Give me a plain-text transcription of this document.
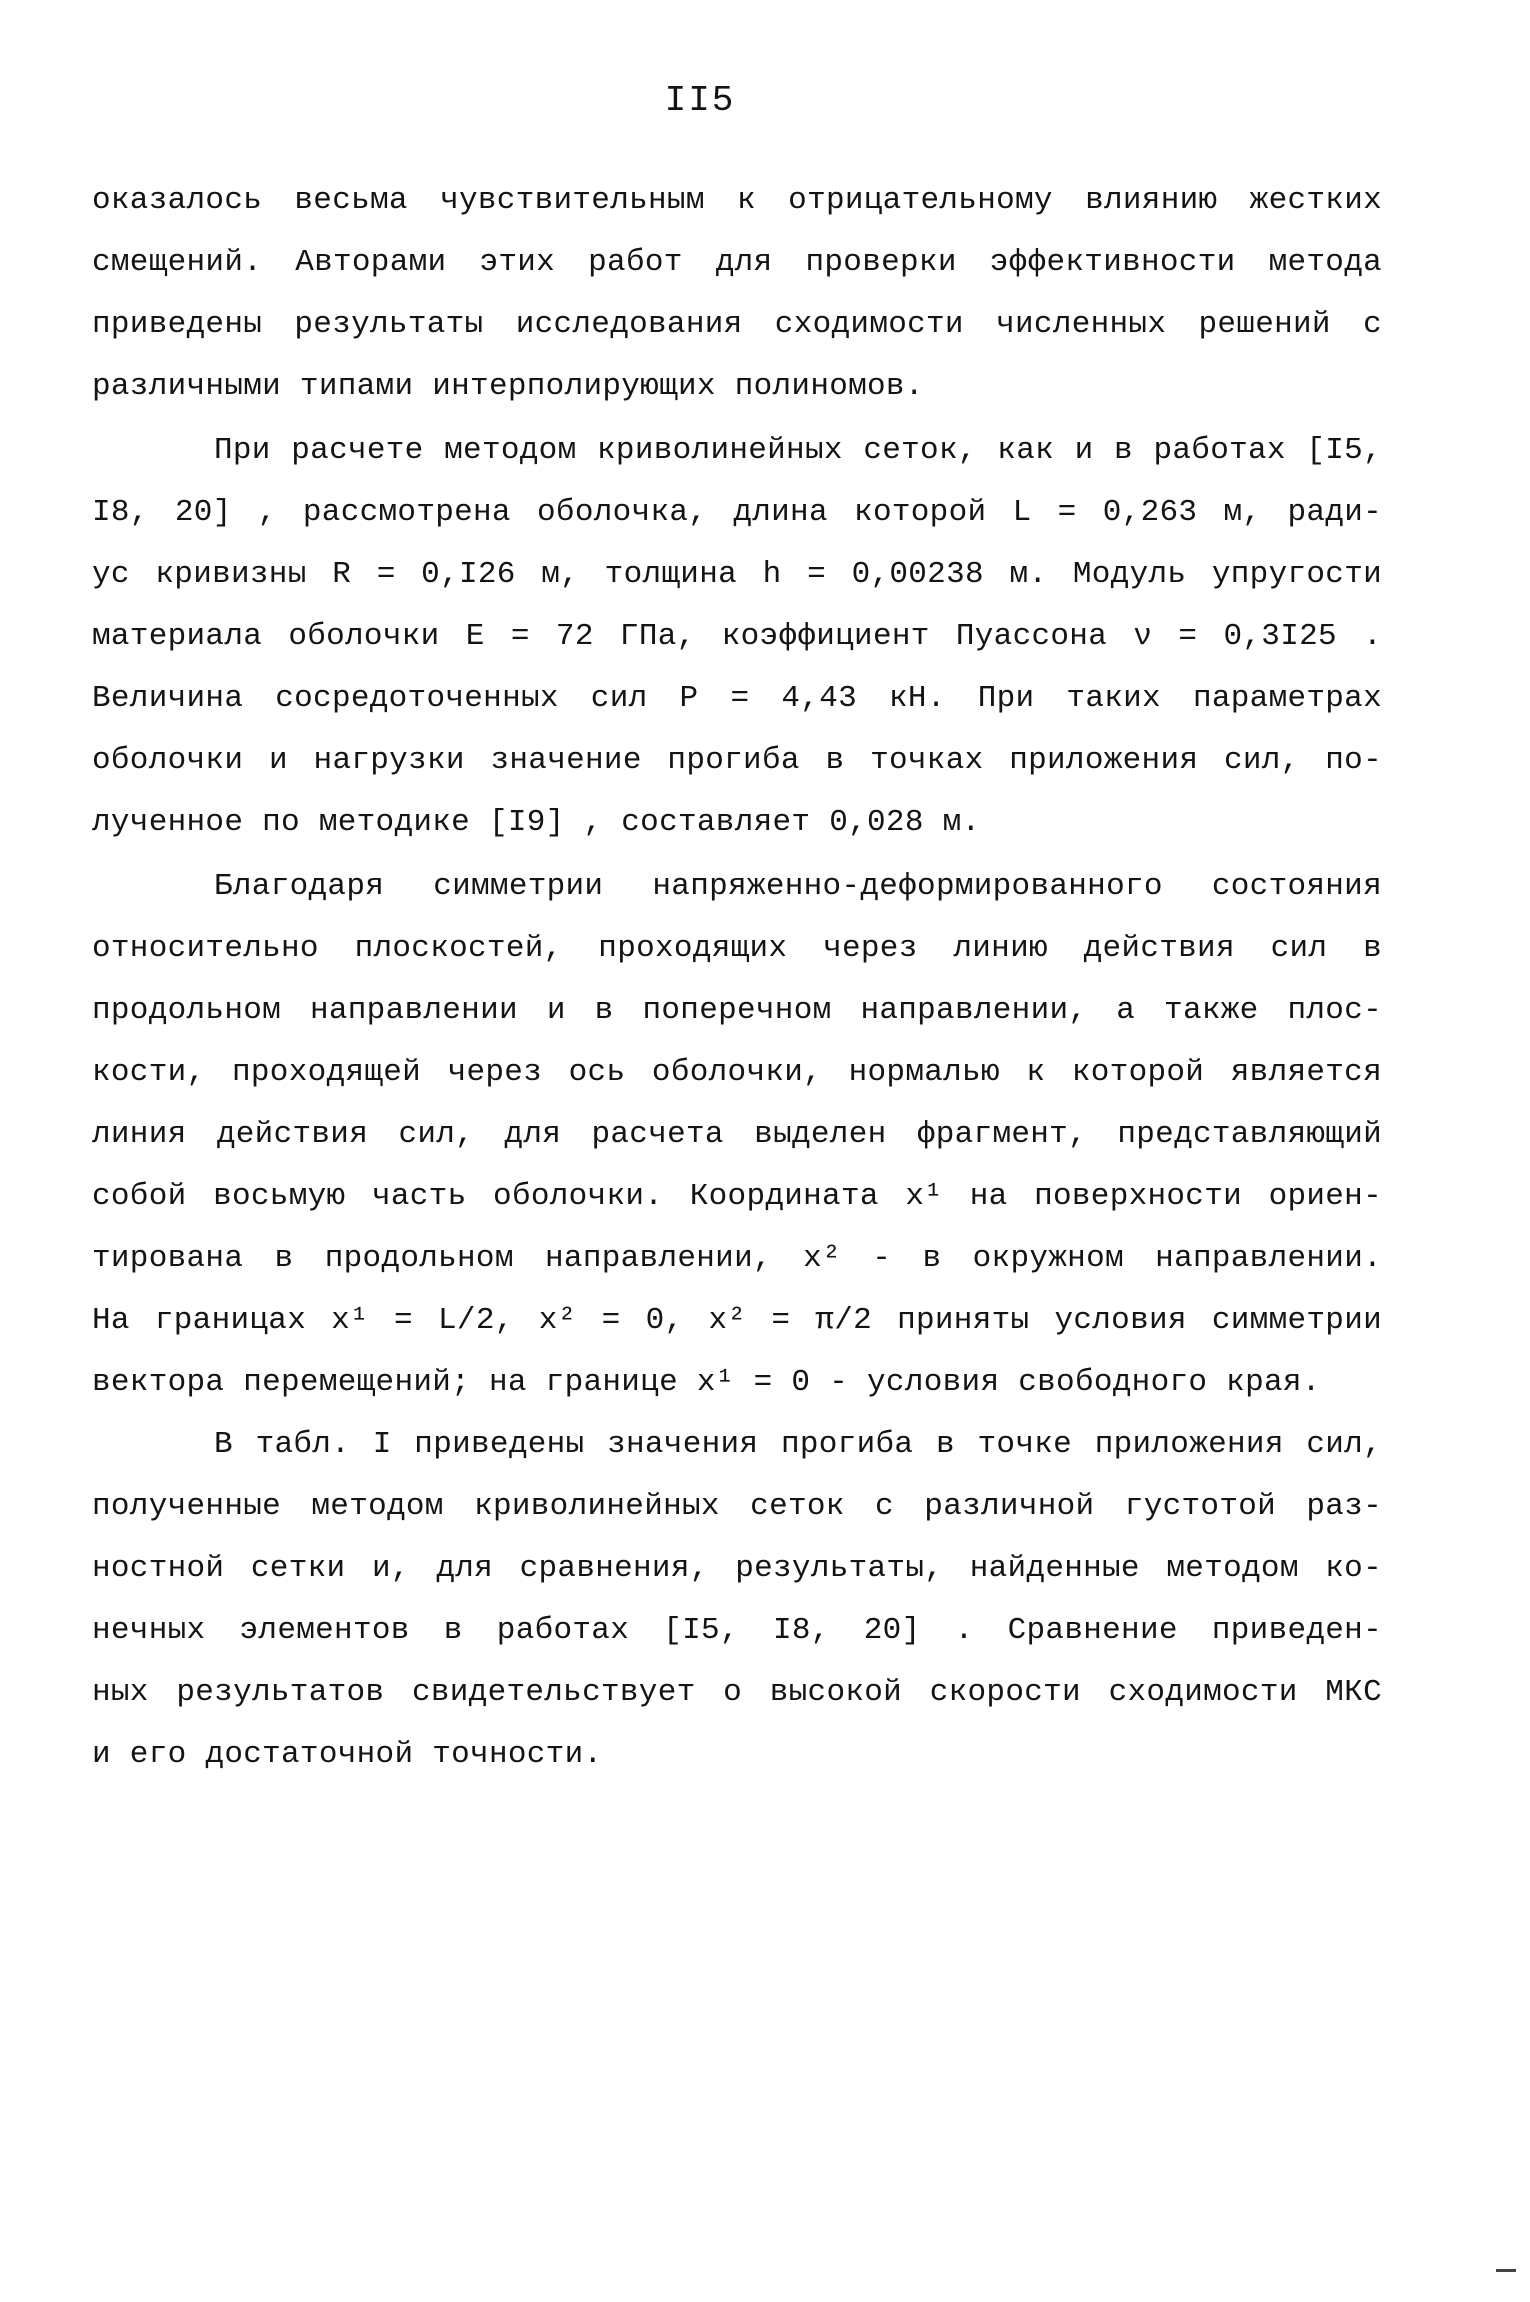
II5
оказалось весьма чувствительным к отрицательному влиянию жестких
смещений. Авторами этих работ для проверки эффективности метода
приведены результаты исследования сходимости численных решений с
различными типами интерполирующих полиномов.
При расчете методом криволинейных сеток, как и в работах [I5,
I8, 20] , рассмотрена оболочка, длина которой L = 0,263 м, ради-
ус кривизны R = 0,I26 м, толщина h = 0,00238 м. Модуль упругости
материала оболочки E = 72 ГПа, коэффициент Пуассона ν = 0,3I25 .
Величина сосредоточенных сил P = 4,43 кН. При таких параметрах
оболочки и нагрузки значение прогиба в точках приложения сил, по-
лученное по методике [I9] , составляет 0,028 м.
Благодаря симметрии напряженно-деформированного состояния
относительно плоскостей, проходящих через линию действия сил в
продольном направлении и в поперечном направлении, а также плос-
кости, проходящей через ось оболочки, нормалью к которой является
линия действия сил, для расчета выделен фрагмент, представляющий
собой восьмую часть оболочки. Координата x¹ на поверхности ориен-
тирована в продольном направлении, x² - в окружном направлении.
На границах x¹ = L/2, x² = 0, x² = π/2 приняты условия симметрии
вектора перемещений; на границе x¹ = 0 - условия свободного края.
В табл. I приведены значения прогиба в точке приложения сил,
полученные методом криволинейных сеток с различной густотой раз-
ностной сетки и, для сравнения, результаты, найденные методом ко-
нечных элементов в работах [I5, I8, 20] . Сравнение приведен-
ных результатов свидетельствует о высокой скорости сходимости МКС
и его достаточной точности.
